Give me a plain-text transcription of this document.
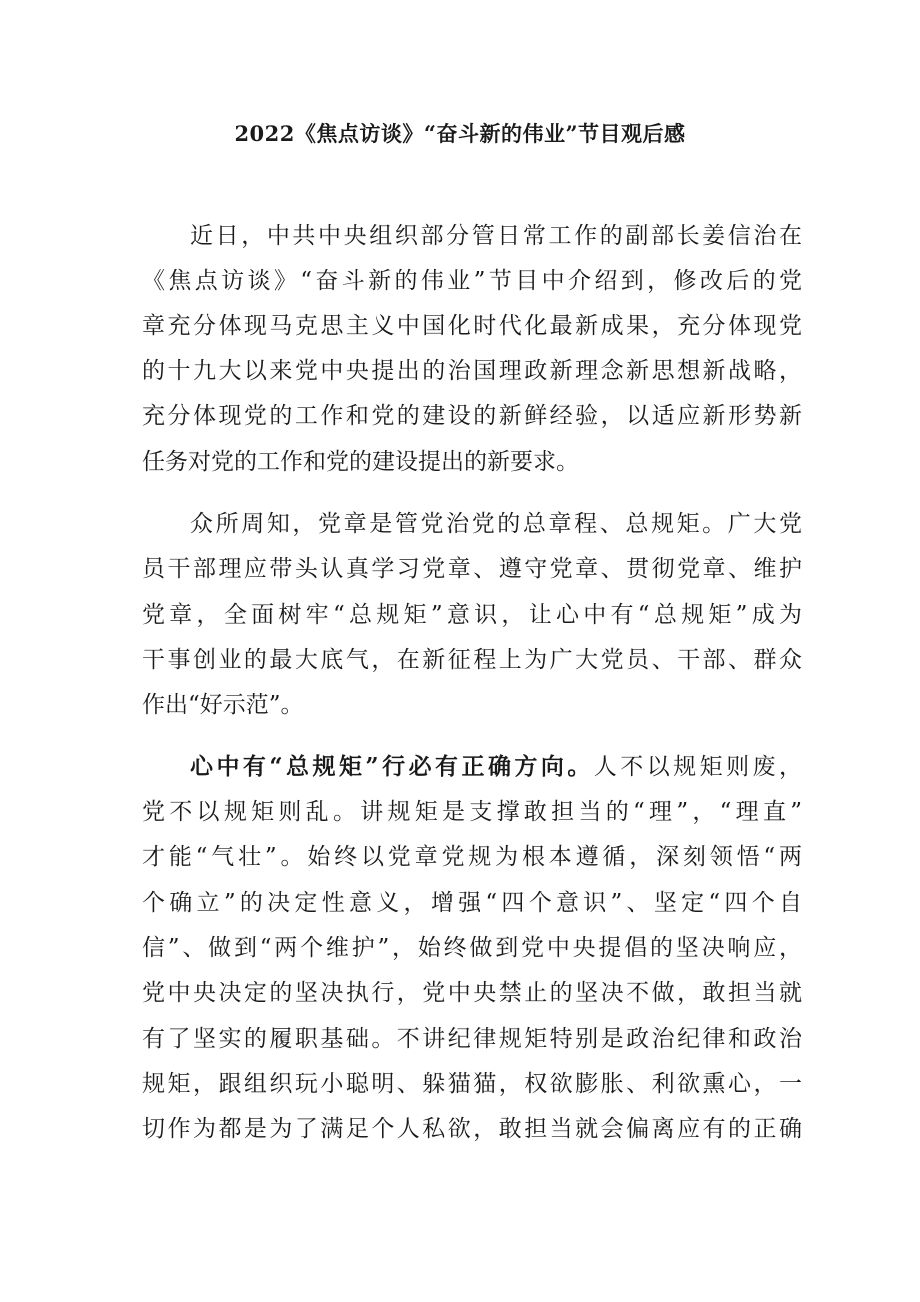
2022《焦点访谈》“奋斗新的伟业”节目观后感
近日，中共中央组织部分管日常工作的副部长姜信治在
《焦点访谈》“奋斗新的伟业”节目中介绍到，修改后的党
章充分体现马克思主义中国化时代化最新成果，充分体现党
的十九大以来党中央提出的治国理政新理念新思想新战略，
充分体现党的工作和党的建设的新鲜经验，以适应新形势新
任务对党的工作和党的建设提出的新要求。
众所周知，党章是管党治党的总章程、总规矩。广大党
员干部理应带头认真学习党章、遵守党章、贯彻党章、维护
党章，全面树牢“总规矩”意识，让心中有“总规矩”成为
干事创业的最大底气，在新征程上为广大党员、干部、群众
作出“好示范”。
心中有“总规矩”行必有正确方向。人不以规矩则废，
党不以规矩则乱。讲规矩是支撑敢担当的“理”，“理直”
才能“气壮”。始终以党章党规为根本遵循，深刻领悟“两
个确立”的决定性意义，增强“四个意识”、坚定“四个自
信”、做到“两个维护”，始终做到党中央提倡的坚决响应，
党中央决定的坚决执行，党中央禁止的坚决不做，敢担当就
有了坚实的履职基础。不讲纪律规矩特别是政治纪律和政治
规矩，跟组织玩小聪明、躲猫猫，权欲膨胀、利欲熏心，一
切作为都是为了满足个人私欲，敢担当就会偏离应有的正确
